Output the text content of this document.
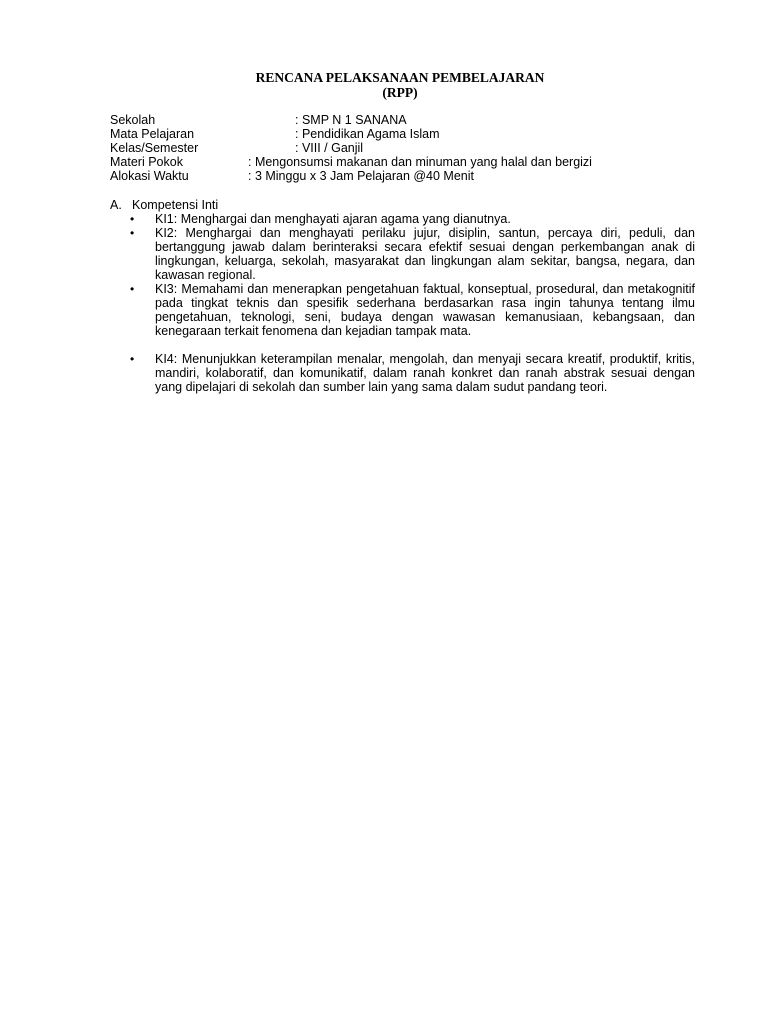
RENCANA PELAKSANAAN PEMBELAJARAN
(RPP)
Sekolah	: SMP N 1 SANANA
Mata Pelajaran	: Pendidikan Agama Islam
Kelas/Semester	: VIII / Ganjil
Materi Pokok	: Mengonsumsi makanan dan minuman yang halal dan bergizi
Alokasi Waktu	: 3 Minggu x 3 Jam Pelajaran @40 Menit
A. Kompetensi Inti
• KI1: Menghargai dan menghayati ajaran agama yang dianutnya.
• KI2: Menghargai dan menghayati perilaku jujur, disiplin, santun, percaya diri, peduli, dan bertanggung jawab dalam berinteraksi secara efektif sesuai dengan perkembangan anak di lingkungan, keluarga, sekolah, masyarakat dan lingkungan alam sekitar, bangsa, negara, dan kawasan regional.
• KI3: Memahami dan menerapkan pengetahuan faktual, konseptual, prosedural, dan metakognitif pada tingkat teknis dan spesifik sederhana berdasarkan rasa ingin tahunya tentang ilmu pengetahuan, teknologi, seni, budaya dengan wawasan kemanusiaan, kebangsaan, dan kenegaraan terkait fenomena dan kejadian tampak mata.
• KI4: Menunjukkan keterampilan menalar, mengolah, dan menyaji secara kreatif, produktif, kritis, mandiri, kolaboratif, dan komunikatif, dalam ranah konkret dan ranah abstrak sesuai dengan yang dipelajari di sekolah dan sumber lain yang sama dalam sudut pandang teori.
